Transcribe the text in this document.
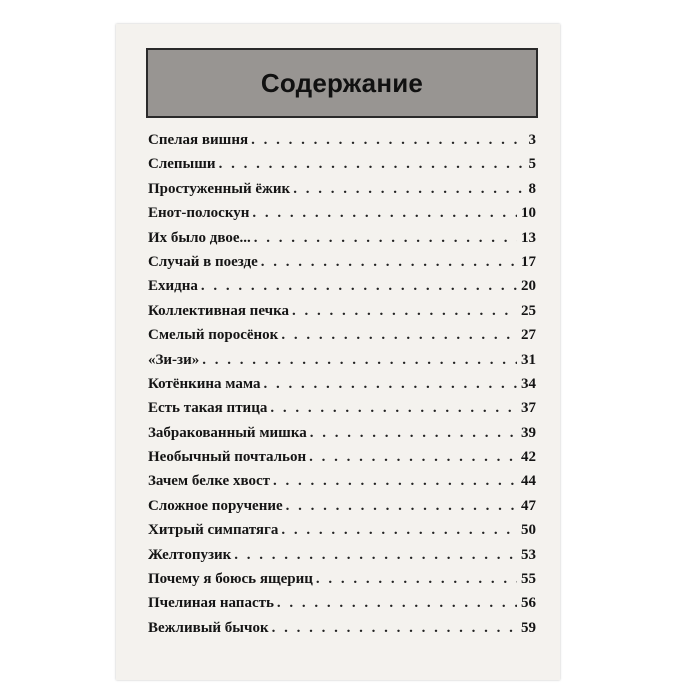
Содержание
Спелая вишня . . .	3
Слепыши . . .	5
Простуженный ёжик . . .	8
Енот-полоскун . . .	10
Их было двое... . . .	13
Случай в поезде . . .	17
Ехидна . . .	20
Коллективная печка . . .	25
Смелый поросёнок . . .	27
«Зи-зи» . . .	31
Котёнкина мама . . .	34
Есть такая птица . . .	37
Забракованный мишка . . .	39
Необычный почтальон . . .	42
Зачем белке хвост . . .	44
Сложное поручение . . .	47
Хитрый симпатяга . . .	50
Желтопузик . . .	53
Почему я боюсь ящериц . . .	55
Пчелиная напасть . . .	56
Вежливый бычок . . .	59
